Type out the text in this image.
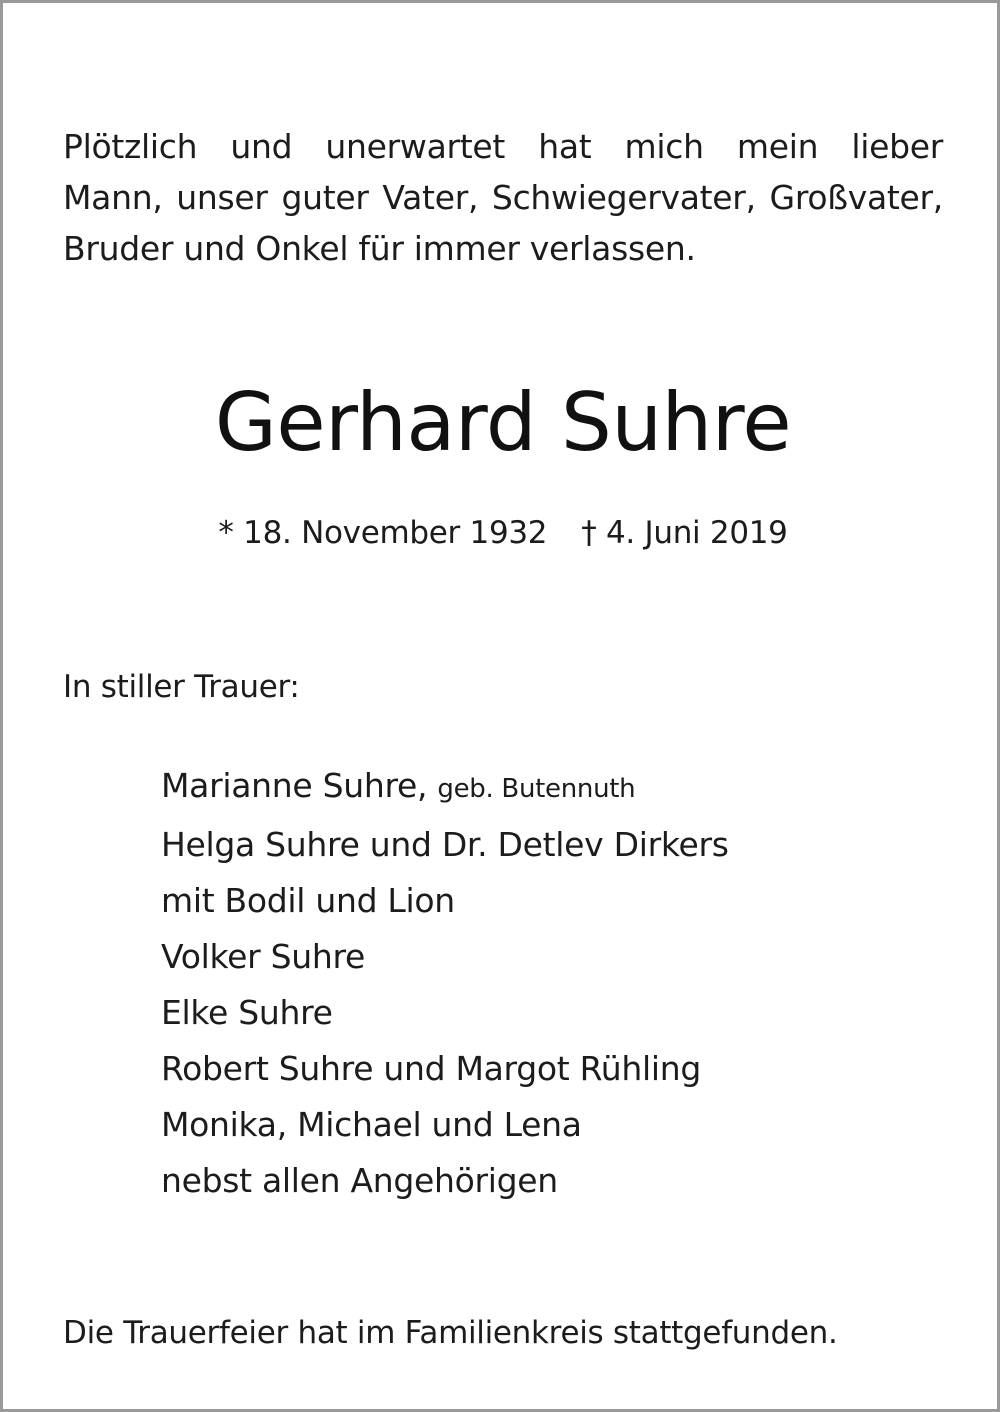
Plötzlich und unerwartet hat mich mein lieber
Mann, unser guter Vater, Schwiegervater, Großvater,
Bruder und Onkel für immer verlassen.
Gerhard Suhre
* 18. November 1932 † 4. Juni 2019
In stiller Trauer:
Marianne Suhre, geb. Butennuth
Helga Suhre und Dr. Detlev Dirkers
mit Bodil und Lion
Volker Suhre
Elke Suhre
Robert Suhre und Margot Rühling
Monika, Michael und Lena
nebst allen Angehörigen
Die Trauerfeier hat im Familienkreis stattgefunden.
